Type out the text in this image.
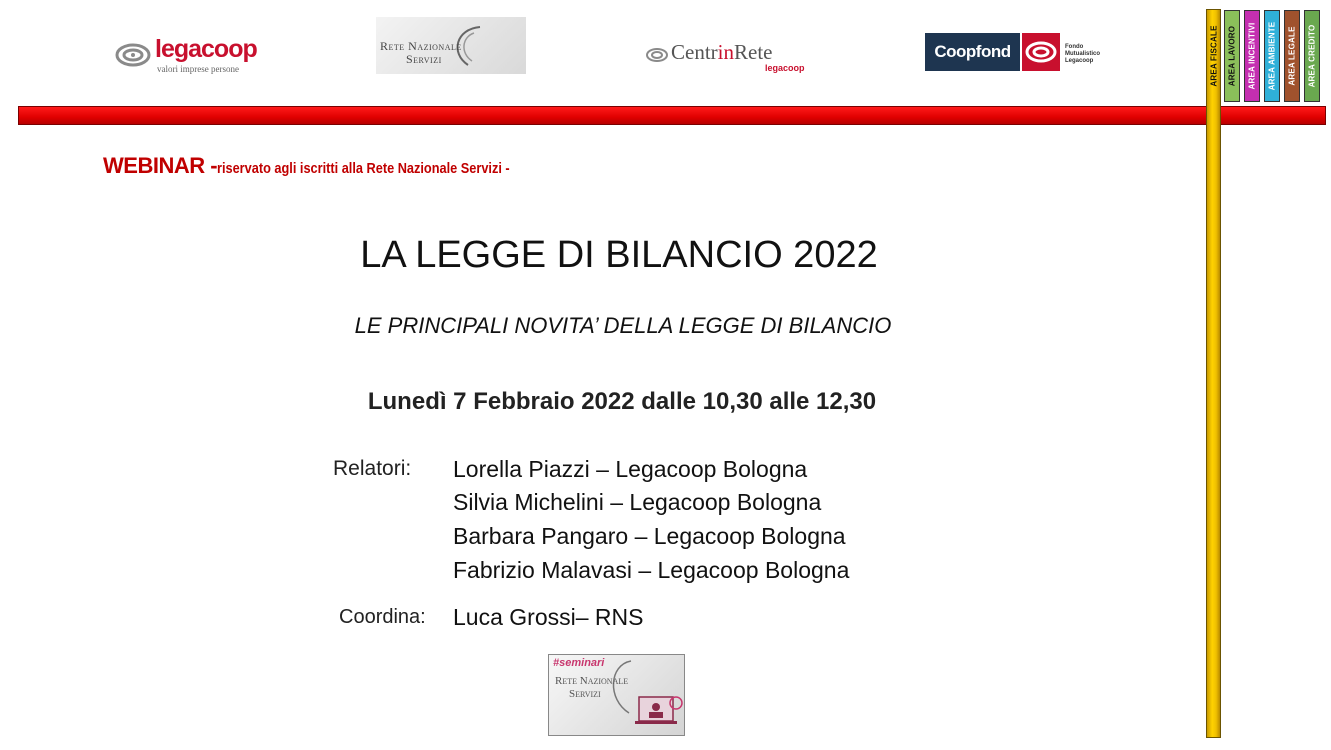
legacoop
valori imprese persone
Rete Nazionale
Servizi	CentrinRete
legacoop
Coopfond	Fondo
Mutualistico
Legacoop	AREA FISCALE AREA LAVORO AREA INCENTIVI AREA AMBIENTE AREA LEGALE AREA CREDITO
WEBINAR -riservato agli iscritti alla Rete Nazionale Servizi -
LA LEGGE DI BILANCIO 2022
LE PRINCIPALI NOVITA’ DELLA LEGGE DI BILANCIO
Lunedì 7 Febbraio 2022 dalle 10,30 alle 12,30
Relatori: Lorella Piazzi – Legacoop Bologna
Silvia Michelini – Legacoop Bologna
Barbara Pangaro – Legacoop Bologna
Fabrizio Malavasi – Legacoop Bologna
Coordina: Luca Grossi– RNS
#seminari
Rete Nazionale
Servizi
